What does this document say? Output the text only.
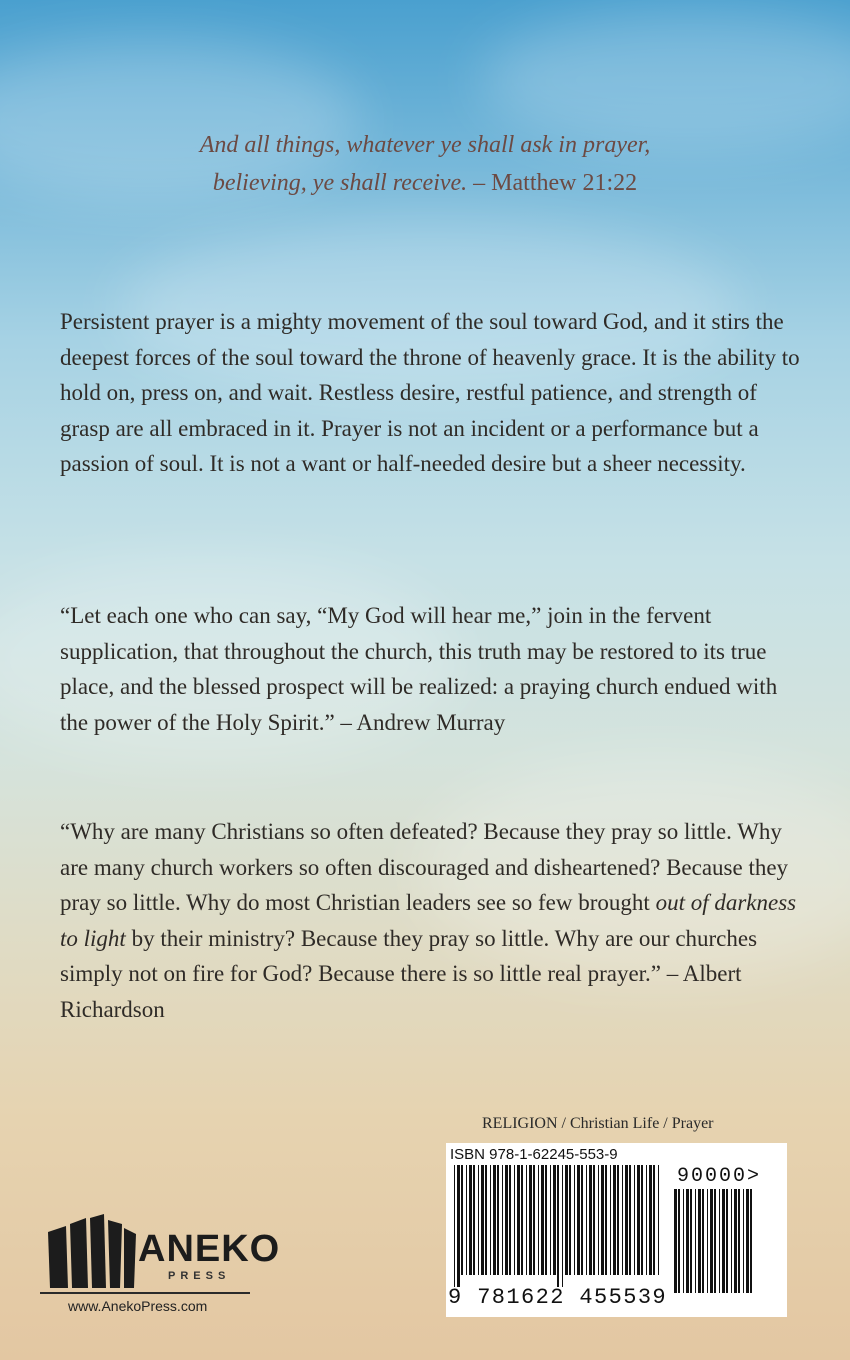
And all things, whatever ye shall ask in prayer,
believing, ye shall receive. – Matthew 21:22

Persistent prayer is a mighty movement of the soul toward God, and it stirs the deepest forces of the soul toward the throne of heavenly grace. It is the ability to hold on, press on, and wait. Restless desire, restful patience, and strength of grasp are all embraced in it. Prayer is not an incident or a performance but a passion of soul. It is not a want or half-needed desire but a sheer necessity.

“Let each one who can say, “My God will hear me,” join in the fervent supplication, that throughout the church, this truth may be restored to its true place, and the blessed prospect will be realized: a praying church endued with the power of the Holy Spirit.” – Andrew Murray

“Why are many Christians so often defeated? Because they pray so little. Why are many church workers so often discouraged and disheartened? Because they pray so little. Why do most Christian leaders see so few brought out of darkness to light by their ministry? Because they pray so little. Why are our churches simply not on fire for God? Because there is so little real prayer.” – Albert Richardson

RELIGION / Christian Life / Prayer
ISBN 978-1-62245-553-9
90000>
9 781622 455539
ANEKO
PRESS
www.AnekoPress.com
